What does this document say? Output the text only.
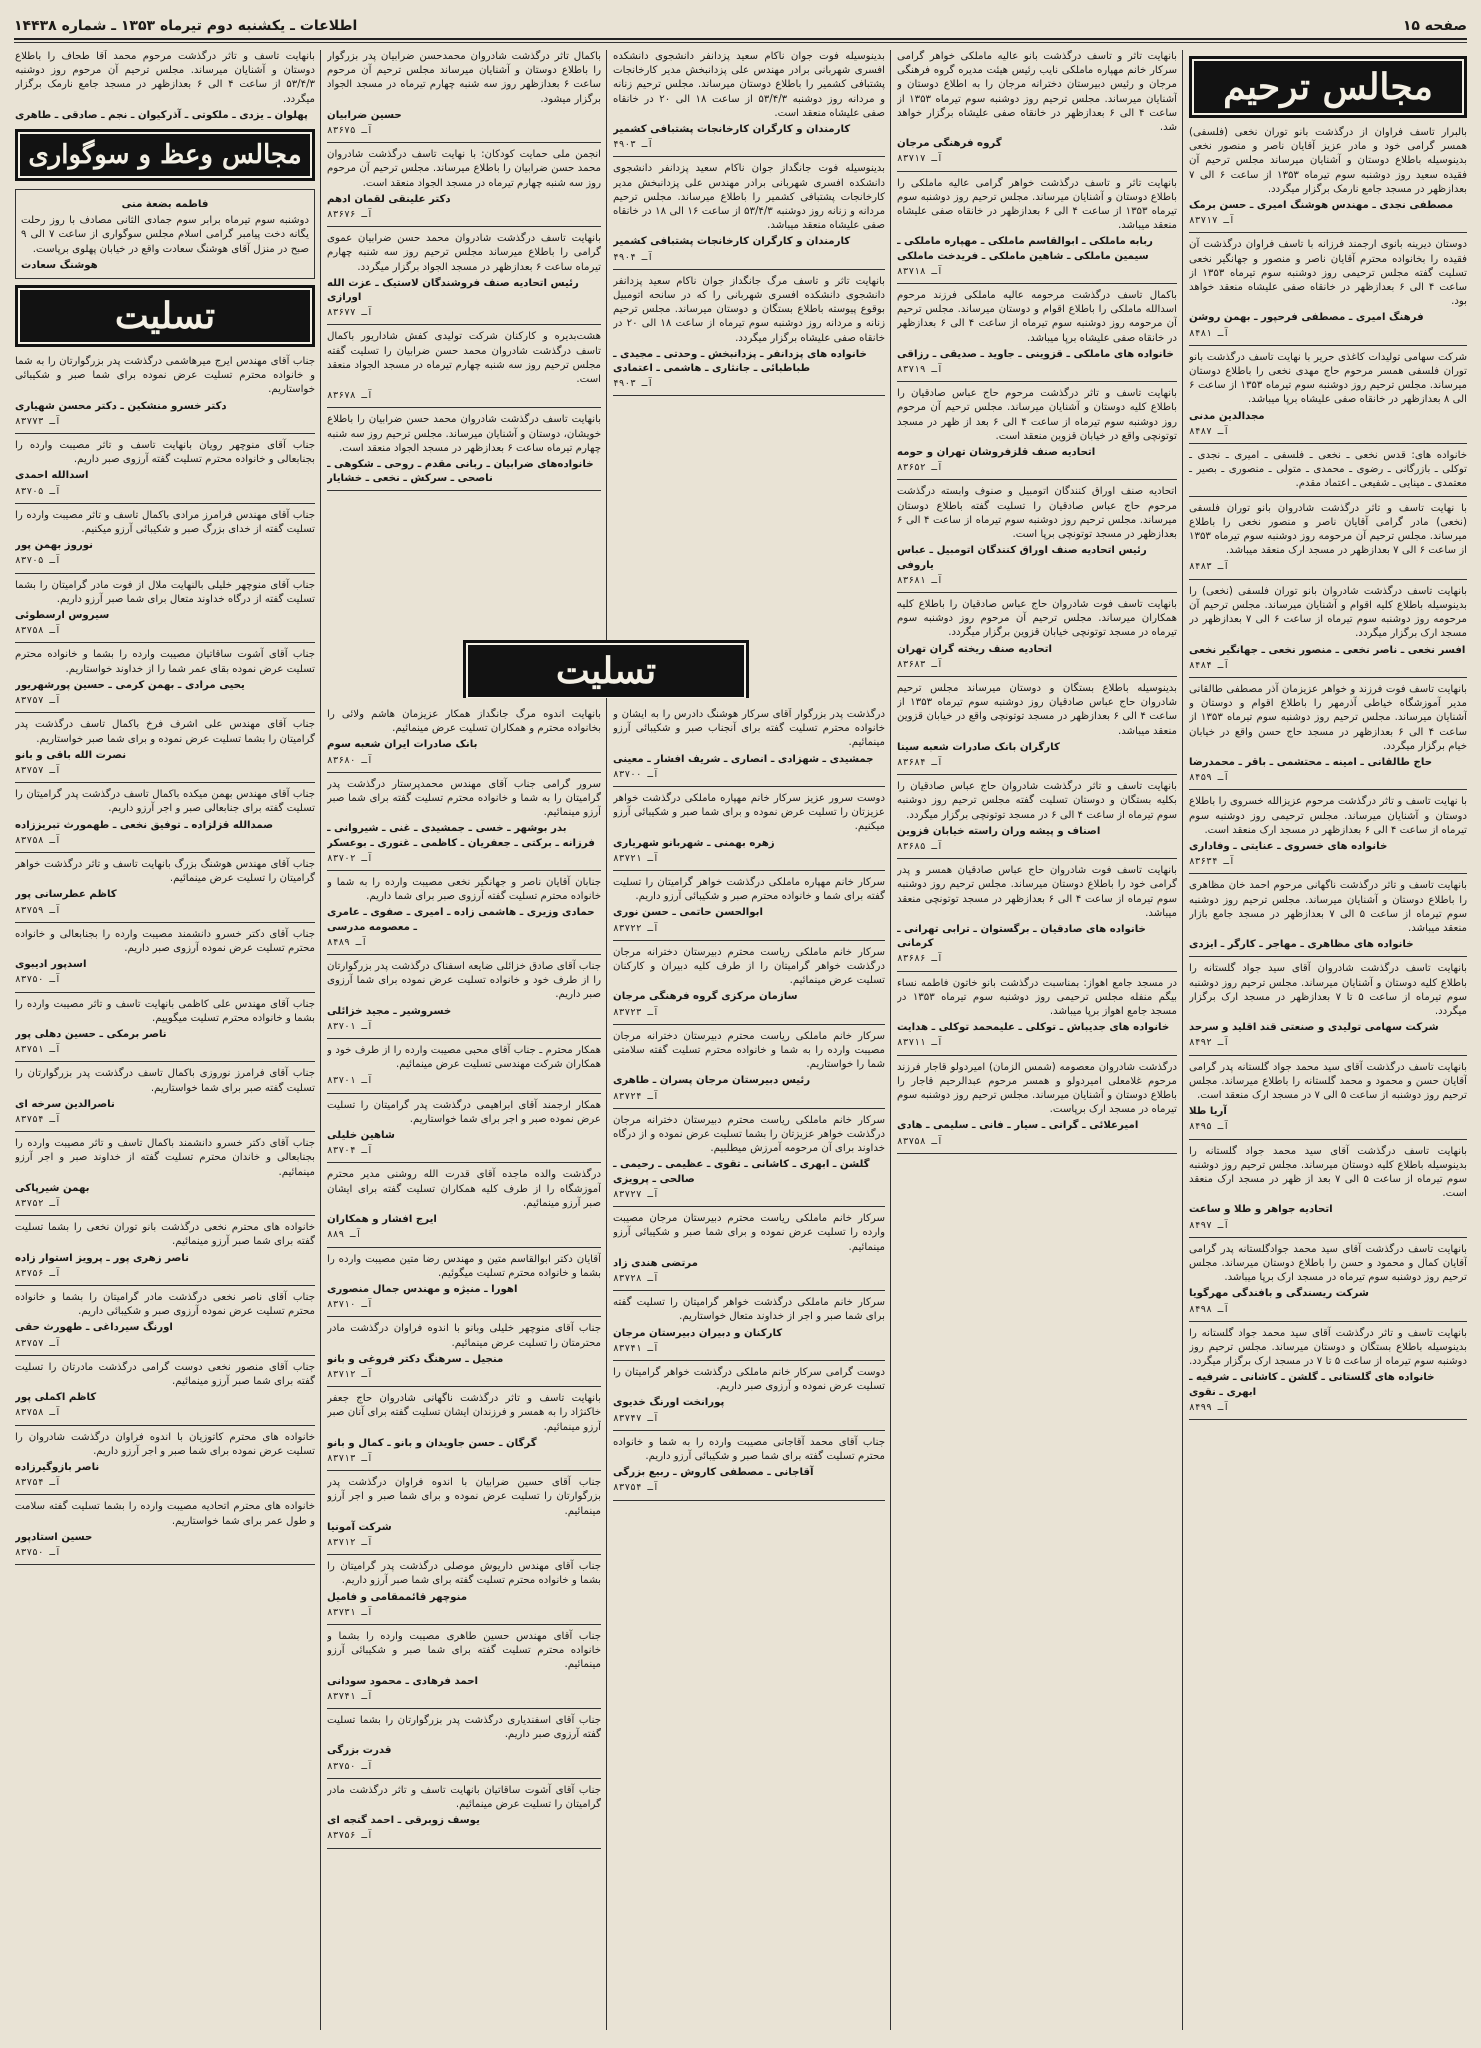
صفحه ۱۵
اطلاعات ـ یکشنبه دوم تیرماه ۱۳۵۳ ـ شماره ۱۴۴۳۸
مجالس ترحیم

بالبرار تاسف فراوان از درگذشت بانو توران نخعی (فلسفی) همسر گرامی خود و مادر عزیز آقایان ناصر و منصور نخعی بدینوسیله باطلاع دوستان و آشنایان میرساند مجلس ترحیم آن فقیده سعید روز دوشنبه سوم تیرماه ۱۳۵۳ از ساعت ۶ الی ۷ بعدازظهر در مسجد جامع نارمک برگزار میگردد.

مصطفی نجدی ـ مهندس هوشنگ امیری ـ حسن برمک

آـ ۸۳۷۱۷

دوستان دیرینه بانوی ارجمند فرزانه با تاسف فراوان درگذشت آن فقیده را بخانواده محترم آقایان ناصر و منصور و جهانگیر نخعی تسلیت گفته مجلس ترحیمی روز دوشنبه سوم تیرماه ۱۳۵۳ از ساعت ۴ الی ۶ بعدازظهر در خانقاه صفی علیشاه منعقد خواهد بود.

فرهنگ امیری ـ مصطفی فرحپور ـ بهمن روشن

آـ ۸۴۸۱

شرکت سهامی تولیدات کاغذی حریر با نهایت تاسف درگذشت بانو توران فلسفی همسر مرحوم حاج مهدی نخعی را باطلاع دوستان میرساند. مجلس ترحیم روز دوشنبه سوم تیرماه ۱۳۵۳ از ساعت ۶ الی ۸ بعدازظهر در خانقاه صفی علیشاه برپا میباشد.

مجدالدین مدنی

آـ ۸۴۸۷

خانواده های: قدس نخعی ـ نخعی ـ فلسفی ـ امیری ـ نجدی ـ توکلی ـ بازرگانی ـ رضوی ـ محمدی ـ متولی ـ منصوری ـ بصیر ـ معتمدی ـ مینایی ـ شفیعی ـ اعتماد مقدم.

با نهایت تاسف و تاثر درگذشت شادروان بانو توران فلسفی (نخعی) مادر گرامی آقایان ناصر و منصور نخعی را باطلاع میرساند. مجلس ترحیم آن مرحومه روز دوشنبه سوم تیرماه ۱۳۵۳ از ساعت ۶ الی ۷ بعدازظهر در مسجد ارک منعقد میباشد.

آـ ۸۴۸۳

بانهایت تاسف درگذشت شادروان بانو توران فلسفی (نخعی) را بدینوسیله باطلاع کلیه اقوام و آشنایان میرساند. مجلس ترحیم آن مرحومه روز دوشنبه سوم تیرماه از ساعت ۶ الی ۷ بعدازظهر در مسجد ارک برگزار میگردد.

افسر نخعی ـ ناصر نخعی ـ منصور نخعی ـ جهانگیر نخعی

آـ ۸۴۸۴

بانهایت تاسف فوت فرزند و خواهر عزیزمان آذر مصطفی طالقانی مدیر آموزشگاه خیاطی آذرمهر را باطلاع اقوام و دوستان و آشنایان میرساند. مجلس ترحیم روز دوشنبه سوم تیرماه ۱۳۵۳ از ساعت ۴ الی ۶ بعدازظهر در مسجد حاج حسن واقع در خیابان خیام برگزار میگردد.

حاج طالقانی ـ امینه ـ محتشمی ـ باقر ـ محمدرضا

آـ ۸۴۵۹

با نهایت تاسف و تاثر درگذشت مرحوم عزیزالله خسروی را باطلاع دوستان و آشنایان میرساند. مجلس ترحیمی روز دوشنبه سوم تیرماه از ساعت ۴ الی ۶ بعدازظهر در مسجد ارک منعقد است.

خانواده های خسروی ـ عنایتی ـ وفاداری

آـ ۸۳۶۳۴

بانهایت تاسف و تاثر درگذشت ناگهانی مرحوم احمد خان مظاهری را باطلاع دوستان و آشنایان میرساند. مجلس ترحیم روز دوشنبه سوم تیرماه از ساعت ۵ الی ۷ بعدازظهر در مسجد جامع بازار منعقد میباشد.

خانواده های مظاهری ـ مهاجر ـ کارگر ـ ایزدی

بانهایت تاسف درگذشت شادروان آقای سید جواد گلستانه را باطلاع کلیه دوستان و آشنایان میرساند. مجلس ترحیم روز دوشنبه سوم تیرماه از ساعت ۵ تا ۷ بعدازظهر در مسجد ارک برگزار میگردد.

شرکت سهامی تولیدی و صنعتی قند اقلید و سرحد

آـ ۸۴۹۲

بانهایت تاسف درگذشت آقای سید محمد جواد گلستانه پدر گرامی آقایان حسن و محمود و محمد گلستانه را باطلاع میرساند. مجلس ترحیم روز دوشنبه از ساعت ۵ الی ۷ در مسجد ارک منعقد است.

آریا طلا

آـ ۸۴۹۵

بانهایت تاسف درگذشت آقای سید محمد جواد گلستانه را بدینوسیله باطلاع کلیه دوستان میرساند. مجلس ترحیم روز دوشنبه سوم تیرماه از ساعت ۵ الی ۷ بعد از ظهر در مسجد ارک منعقد است.

اتحادیه جواهر و طلا و ساعت

آـ ۸۴۹۷

بانهایت تاسف درگذشت آقای سید محمد جوادگلستانه پدر گرامی آقایان کمال و محمود و حسن را باطلاع دوستان میرساند. مجلس ترحیم روز دوشنبه سوم تیرماه در مسجد ارک برپا میباشد.

شرکت ریسندگی و بافندگی مهرگویا

آـ ۸۴۹۸

بانهایت تاسف و تاثر درگذشت آقای سید محمد جواد گلستانه را بدینوسیله باطلاع بستگان و دوستان میرساند. مجلس ترحیم روز دوشنبه سوم تیرماه از ساعت ۵ تا ۷ در مسجد ارک برگزار میگردد.

خانواده های گلستانی ـ گلشن ـ کاشانی ـ شرفیه ـ ابهری ـ نقوی

آـ ۸۴۹۹

بانهایت تاثر و تاسف درگذشت بانو عالیه ماملکی خواهر گرامی سرکار خانم مهپاره ماملکی نایب رئیس هیئت مدیره گروه فرهنگی مرجان و رئیس دبیرستان دخترانه مرجان را به اطلاع دوستان و آشنایان میرساند. مجلس ترحیم روز دوشنبه سوم تیرماه ۱۳۵۳ از ساعت ۴ الی ۶ بعدازظهر در خانقاه صفی علیشاه برگزار خواهد شد.

گروه فرهنگی مرجان

آـ ۸۳۷۱۷

بانهایت تاثر و تاسف درگذشت خواهر گرامی عالیه ماملکی را باطلاع دوستان و آشنایان میرساند. مجلس ترحیم روز دوشنبه سوم تیرماه ۱۳۵۳ از ساعت ۴ الی ۶ بعدازظهر در خانقاه صفی علیشاه منعقد میباشد.

ربابه ماملکی ـ ابوالقاسم ماملکی ـ مهپاره ماملکی ـ سیمین ماملکی ـ شاهین ماملکی ـ فریدخت ماملکی

آـ ۸۳۷۱۸

باکمال تاسف درگذشت مرحومه عالیه ماملکی فرزند مرحوم اسدالله ماملکی را باطلاع اقوام و دوستان میرساند. مجلس ترحیم آن مرحومه روز دوشنبه سوم تیرماه از ساعت ۴ الی ۶ بعدازظهر در خانقاه صفی علیشاه برپا میباشد.

خانواده های ماملکی ـ قزوینی ـ جاوید ـ صدیقی ـ رزاقی

آـ ۸۳۷۱۹

بانهایت تاسف و تاثر درگذشت مرحوم حاج عباس صادقیان را باطلاع کلیه دوستان و آشنایان میرساند. مجلس ترحیم آن مرحوم روز دوشنبه سوم تیرماه از ساعت ۴ الی ۶ بعد از ظهر در مسجد توتونچی واقع در خیابان قزوین منعقد است.

اتحادیه صنف قلزفروشان تهران و حومه

آـ ۸۳۶۵۲

اتحادیه صنف اوراق کنندگان اتومبیل و صنوف وابسته درگذشت مرحوم حاج عباس صادقیان را تسلیت گفته باطلاع دوستان میرساند. مجلس ترحیم روز دوشنبه سوم تیرماه از ساعت ۴ الی ۶ بعدازظهر در مسجد توتونچی برپا است.

رئیس اتحادیه صنف اوراق کنندگان اتومبیل ـ عباس یاروفی

آـ ۸۳۶۸۱

بانهایت تاسف فوت شادروان حاج عباس صادقیان را باطلاع کلیه همکاران میرساند. مجلس ترحیم آن مرحوم روز دوشنبه سوم تیرماه در مسجد توتونچی خیابان قزوین برگزار میگردد.

اتحادیه صنف ریخته گران تهران

آـ ۸۳۶۸۳

بدینوسیله باطلاع بستگان و دوستان میرساند مجلس ترحیم شادروان حاج عباس صادقیان روز دوشنبه سوم تیرماه ۱۳۵۳ از ساعت ۴ الی ۶ بعدازظهر در مسجد توتونچی واقع در خیابان قزوین منعقد میباشد.

کارگران بانک صادرات شعبه سینا

آـ ۸۳۶۸۴

بانهایت تاسف و تاثر درگذشت شادروان حاج عباس صادقیان را بکلیه بستگان و دوستان تسلیت گفته مجلس ترحیم روز دوشنبه سوم تیرماه از ساعت ۴ الی ۶ در مسجد توتونچی برگزار میگردد.

اصناف و پیشه وران راسته خیابان قزوین

آـ ۸۳۶۸۵

بانهایت تاسف فوت شادروان حاج عباس صادقیان همسر و پدر گرامی خود را باطلاع دوستان میرساند. مجلس ترحیم روز دوشنبه سوم تیرماه از ساعت ۴ الی ۶ بعدازظهر در مسجد توتونچی منعقد میباشد.

خانواده های صادقیان ـ برگستوان ـ ترابی تهرانی ـ کرمانی

آـ ۸۳۶۸۶

در مسجد جامع اهواز: بمناسبت درگذشت بانو خاتون فاطمه نساء بیگم منفله مجلس ترحیمی روز دوشنبه سوم تیرماه ۱۳۵۳ در مسجد جامع اهواز برپا میباشد.

خانواده های جدیباش ـ توکلی ـ علیمحمد توکلی ـ هدایت

آـ ۸۳۷۱۱

درگذشت شادروان معصومه (شمس الزمان) امیردولو قاجار فرزند مرحوم غلامعلی امیردولو و همسر مرحوم عبدالرحیم قاجار را باطلاع دوستان و آشنایان میرساند. مجلس ترحیم روز دوشنبه سوم تیرماه در مسجد ارک برپاست.

امیرعلائی ـ گرانی ـ سیار ـ فانی ـ سلیمی ـ هادی

آـ ۸۳۷۵۸

بدینوسیله فوت جوان ناکام سعید پزدانفر دانشجوی دانشکده افسری شهربانی برادر مهندس علی پزدانبخش مدیر کارخانجات پشتبافی کشمیر را باطلاع دوستان میرساند. مجلس ترحیم زنانه و مردانه روز دوشنبه ۵۳/۴/۳ از ساعت ۱۸ الی ۲۰ در خانقاه صفی علیشاه منعقد است.

کارمندان و کارگران کارخانجات پشتبافی کشمیر

آـ ۴۹۰۳

بدینوسیله فوت جانگداز جوان ناکام سعید پزدانفر دانشجوی دانشکده افسری شهربانی برادر مهندس علی پزدانبخش مدیر کارخانجات پشتبافی کشمیر را باطلاع میرساند. مجلس ترحیم مردانه و زنانه روز دوشنبه ۵۳/۴/۳ از ساعت ۱۶ الی ۱۸ در خانقاه صفی علیشاه منعقد میباشد.

کارمندان و کارگران کارخانجات پشتبافی کشمیر

آـ ۴۹۰۴

بانهایت تاثر و تاسف مرگ جانگداز جوان ناکام سعید پزدانفر دانشجوی دانشکده افسری شهربانی را که در سانحه اتومبیل بوقوع پیوسته باطلاع بستگان و دوستان میرساند. مجلس ترحیم زنانه و مردانه روز دوشنبه سوم تیرماه از ساعت ۱۸ الی ۲۰ در خانقاه صفی علیشاه برگزار میگردد.

خانواده های پزدانفر ـ پزدانبخش ـ وحدتی ـ مجیدی ـ طباطبائی ـ جانثاری ـ هاشمی ـ اعتمادی

آـ ۴۹۰۳

باکمال تاثر درگذشت شادروان محمدحسن ضرابیان پدر بزرگوار را باطلاع دوستان و آشنایان میرساند مجلس ترحیم آن مرحوم ساعت ۶ بعدازظهر روز سه شنبه چهارم تیرماه در مسجد الجواد برگزار میشود.

حسین ضرابیان

آـ ۸۳۶۷۵

انجمن ملی حمایت کودکان: با نهایت تاسف درگذشت شادروان محمد حسن ضرابیان را باطلاع میرساند. مجلس ترحیم آن مرحوم روز سه شنبه چهارم تیرماه در مسجد الجواد منعقد است.

دکتر علینقی لقمان ادهم

آـ ۸۳۶۷۶

بانهایت تاسف درگذشت شادروان محمد حسن ضرابیان عموی گرامی را باطلاع میرساند مجلس ترحیم روز سه شنبه چهارم تیرماه ساعت ۶ بعدازظهر در مسجد الجواد برگزار میگردد.

رئیس اتحادیه صنف فروشندگان لاستیک ـ عزت الله اورازی

آـ ۸۳۶۷۷

هشت‌بدیره و کارکنان شرکت تولیدی کفش شاداریور باکمال تاسف درگذشت شادروان محمد حسن ضرابیان را تسلیت گفته مجلس ترحیم روز سه شنبه چهارم تیرماه در مسجد الجواد منعقد است.

آـ ۸۳۶۷۸

بانهایت تاسف درگذشت شادروان محمد حسن ضرابیان را باطلاع خویشان، دوستان و آشنایان میرساند. مجلس ترحیم روز سه شنبه چهارم تیرماه ساعت ۶ بعدازظهر در مسجد الجواد منعقد است.

خانواده‌های ضرابیان ـ ربانی مقدم ـ روحی ـ شکوهی ـ ناصحی ـ سرکش ـ نخعی ـ خشایار

تسلیت

درگذشت پدر بزرگوار آقای سرکار هوشنگ دادرس را به ایشان و خانواده محترم تسلیت گفته برای آنجناب صبر و شکیبائی آرزو مینمائیم.

جمشیدی ـ شهزادی ـ انصاری ـ شریف افشار ـ معینی

آـ ۸۳۷۰۰

دوست سرور عزیز سرکار خانم مهپاره ماملکی درگذشت خواهر عزیزتان را تسلیت عرض نموده و برای شما صبر و شکیبائی آرزو میکنیم.

زهره بهمنی ـ شهربانو شهریاری

آـ ۸۳۷۲۱

سرکار خانم مهپاره ماملکی درگذشت خواهر گرامیتان را تسلیت گفته برای شما و خانواده محترم صبر و شکیبائی آرزو داریم.

ابوالحسن حاتمی ـ حسن نوری

آـ ۸۳۷۲۲

سرکار خانم ماملکی ریاست محترم دبیرستان دخترانه مرجان درگذشت خواهر گرامیتان را از طرف کلیه دبیران و کارکنان تسلیت عرض مینمائیم.

سازمان مرکزی گروه فرهنگی مرجان

آـ ۸۳۷۲۳

سرکار خانم ماملکی ریاست محترم دبیرستان دخترانه مرجان مصیبت وارده را به شما و خانواده محترم تسلیت گفته سلامتی شما را خواستاریم.

رئیس دبیرستان مرجان پسران ـ طاهری

آـ ۸۳۷۲۴

سرکار خانم ماملکی ریاست محترم دبیرستان دخترانه مرجان درگذشت خواهر عزیزتان را بشما تسلیت عرض نموده و از درگاه خداوند برای آن مرحومه آمرزش میطلبیم.

گلشن ـ ابهری ـ کاشانی ـ تقوی ـ عظیمی ـ رحیمی ـ صالحی ـ پرویزی

آـ ۸۳۷۲۷

سرکار خانم ماملکی ریاست محترم دبیرستان مرجان مصیبت وارده را تسلیت عرض نموده و برای شما صبر و شکیبائی آرزو مینمائیم.

مرتضی هندی زاد

آـ ۸۳۷۲۸

سرکار خانم ماملکی درگذشت خواهر گرامیتان را تسلیت گفته برای شما صبر و اجر از خداوند متعال خواستاریم.

کارکنان و دبیران دبیرستان مرجان

آـ ۸۳۷۴۱

دوست گرامی سرکار خانم ماملکی درگذشت خواهر گرامیتان را تسلیت عرض نموده و آرزوی صبر داریم.

پورانخت اورنگ خدیوی

آـ ۸۳۷۴۷

جناب آقای محمد آقاجانی مصیبت وارده را به شما و خانواده محترم تسلیت گفته برای شما صبر و شکیبائی آرزو داریم.

آقاجانی ـ مصطفی کاروش ـ ربیع بزرگی

آـ ۸۳۷۵۴

بانهایت اندوه مرگ جانگداز همکار عزیزمان هاشم ولائی را بخانواده محترم و همکاران تسلیت عرض مینمائیم.

بانک صادرات ایران شعبه سوم

آـ ۸۳۶۸۰

سرور گرامی جناب آقای مهندس محمدپرستار درگذشت پدر گرامیتان را به شما و خانواده محترم تسلیت گفته برای شما صبر آرزو مینمائیم.

بدر بوشهر ـ خسی ـ جمشیدی ـ غنی ـ شیروانی ـ فرزانه ـ برکتی ـ جعفریان ـ کاظمی ـ غنوری ـ بوعسکر

آـ ۸۳۷۰۲

جنابان آقایان ناصر و جهانگیر نخعی مصیبت وارده را به شما و خانواده محترم تسلیت گفته آرزوی صبر برای شما داریم.

حمادی وزیری ـ هاشمی زاده ـ امیری ـ صفوی ـ عامری ـ معصومه مدرسی

آـ ۸۴۸۹

جناب آقای صادق خزائلی ضایعه اسفناک درگذشت پدر بزرگوارتان را از طرف خود و خانواده تسلیت عرض نموده برای شما آرزوی صبر داریم.

خسروشیر ـ مجید خزائلی

آـ ۸۳۷۰۱

همکار محترم ـ جناب آقای محبی مصیبت وارده را از طرف خود و همکاران شرکت مهندسی تسلیت عرض مینمائیم.

آـ ۸۳۷۰۱

همکار ارجمند آقای ابراهیمی درگذشت پدر گرامیتان را تسلیت عرض نموده صبر و اجر برای شما خواستاریم.

شاهین خلیلی

آـ ۸۳۷۰۴

درگذشت والده ماجده آقای قدرت الله روشنی مدیر محترم آموزشگاه را از طرف کلیه همکاران تسلیت گفته برای ایشان صبر آرزو مینمائیم.

ایرج افشار و همکاران

آـ ۸۸۹

آقایان دکتر ابوالقاسم متین و مهندس رضا متین مصیبت وارده را بشما و خانواده محترم تسلیت میگوئیم.

اهورا ـ منیژه و مهندس جمال منصوری

آـ ۸۳۷۱۰

جناب آقای منوچهر خلیلی وبانو با اندوه فراوان درگذشت مادر محترمتان را تسلیت عرض مینمائیم.

منجیل ـ سرهنگ دکتر فروغی و بانو

آـ ۸۳۷۱۲

بانهایت تاسف و تاثر درگذشت ناگهانی شادروان حاج جعفر خاکنژاد را به همسر و فرزندان ایشان تسلیت گفته برای آنان صبر آرزو مینمائیم.

گرگان ـ حسن جاویدان و بانو ـ کمال و بانو

آـ ۸۳۷۱۳

جناب آقای حسین ضرابیان با اندوه فراوان درگذشت پدر بزرگوارتان را تسلیت عرض نموده و برای شما صبر و اجر آرزو مینمائیم.

شرکت آمونیا

آـ ۸۳۷۱۲

جناب آقای مهندس داریوش موصلی درگذشت پدر گرامیتان را بشما و خانواده محترم تسلیت گفته برای شما صبر آرزو داریم.

منوچهر قائممقامی و فامیل

آـ ۸۳۷۳۱

جناب آقای مهندس حسین طاهری مصیبت وارده را بشما و خانواده محترم تسلیت گفته برای شما صبر و شکیبائی آرزو مینمائیم.

احمد فرهادی ـ محمود سودانی

آـ ۸۳۷۴۱

جناب آقای اسفندیاری درگذشت پدر بزرگوارتان را بشما تسلیت گفته آرزوی صبر داریم.

قدرت بزرگی

آـ ۸۳۷۵۰

جناب آقای آشوت ساقاتیان بانهایت تاسف و تاثر درگذشت مادر گرامیتان را تسلیت عرض مینمائیم.

یوسف زوبرقی ـ احمد گنجه ای

آـ ۸۳۷۵۶

بانهایت تاسف و تاثر درگذشت مرحوم محمد آقا طحاف را باطلاع دوستان و آشنایان میرساند. مجلس ترحیم آن مرحوم روز دوشنبه ۵۳/۴/۳ از ساعت ۴ الی ۶ بعدازظهر در مسجد جامع نارمک برگزار میگردد.

پهلوان ـ یزدی ـ ملکوتی ـ آذرکیوان ـ نجم ـ صادقی ـ طاهری

مجالس وعظ و سوگواری

فاطمه بضعة منی

دوشنبه سوم تیرماه برابر سوم جمادی الثانی مصادف با روز رحلت یگانه دخت پیامبر گرامی اسلام مجلس سوگواری از ساعت ۷ الی ۹ صبح در منزل آقای هوشنگ سعادت واقع در خیابان پهلوی برپاست.

هوشنگ سعادت

تسلیت

جناب آقای مهندس ایرج میرهاشمی درگذشت پدر بزرگوارتان را به شما و خانواده محترم تسلیت عرض نموده برای شما صبر و شکیبائی خواستاریم.

دکتر خسرو منشکین ـ دکتر محسن شهیاری

آـ ۸۳۷۷۳

جناب آقای منوچهر رویان بانهایت تاسف و تاثر مصیبت وارده را بجنابعالی و خانواده محترم تسلیت گفته آرزوی صبر داریم.

اسدالله احمدی

آـ ۸۳۷۰۵

جناب آقای مهندس فرامرز مرادی باکمال تاسف و تاثر مصیبت وارده را تسلیت گفته از خدای بزرگ صبر و شکیبائی آرزو میکنیم.

نوروز بهمن پور

آـ ۸۳۷۰۵

جناب آقای منوچهر خلیلی بالنهایت ملال از فوت مادر گرامیتان را بشما تسلیت گفته از درگاه خداوند متعال برای شما صبر آرزو داریم.

سیروس ارسطوئی

آـ ۸۳۷۵۸

جناب آقای آشوت ساقاتیان مصیبت وارده را بشما و خانواده محترم تسلیت عرض نموده بقای عمر شما را از خداوند خواستاریم.

یحیی مرادی ـ بهمن کرمی ـ حسین پورشهریور

آـ ۸۳۷۵۷

جناب آقای مهندس علی اشرف فرخ باکمال تاسف درگذشت پدر گرامیتان را بشما تسلیت عرض نموده و برای شما صبر خواستاریم.

نصرت الله باقی و بانو

آـ ۸۳۷۵۷

جناب آقای مهندس بهمن میکده باکمال تاسف درگذشت پدر گرامیتان را تسلیت گفته برای جنابعالی صبر و اجر آرزو داریم.

صمدالله قزلزاده ـ توفیق نخعی ـ طهمورث تبریززاده

آـ ۸۳۷۵۸

جناب آقای مهندس هوشنگ بزرگ بانهایت تاسف و تاثر درگذشت خواهر گرامیتان را تسلیت عرض مینمائیم.

کاظم عطرسانی پور

آـ ۸۳۷۵۹

جناب آقای دکتر خسرو دانشمند مصیبت وارده را بجنابعالی و خانواده محترم تسلیت عرض نموده آرزوی صبر داریم.

اسدپور ادیبوی

آـ ۸۳۷۵۰

جناب آقای مهندس علی کاظمی بانهایت تاسف و تاثر مصیبت وارده را بشما و خانواده محترم تسلیت میگوییم.

ناصر برمکی ـ حسین دهلی پور

آـ ۸۳۷۵۱

جناب آقای فرامرز نوروزی باکمال تاسف درگذشت پدر بزرگوارتان را تسلیت گفته صبر برای شما خواستاریم.

ناصرالدین سرخه ای

آـ ۸۳۷۵۴

جناب آقای دکتر خسرو دانشمند باکمال تاسف و تاثر مصیبت وارده را بجنابعالی و خاندان محترم تسلیت گفته از خداوند صبر و اجر آرزو مینمائیم.

بهمن شیرپاکی

آـ ۸۳۷۵۲

خانواده های محترم نخعی درگذشت بانو توران نخعی را بشما تسلیت گفته برای شما صبر آرزو مینمائیم.

ناصر زهری پور ـ پرویز استوار زاده

آـ ۸۳۷۵۶

جناب آقای ناصر نخعی درگذشت مادر گرامیتان را بشما و خانواده محترم تسلیت عرض نموده آرزوی صبر و شکیبائی داریم.

اورنگ سیرداغی ـ طهورث حقی

آـ ۸۳۷۵۷

جناب آقای منصور نخعی دوست گرامی درگذشت مادرتان را تسلیت گفته برای شما صبر آرزو مینمائیم.

کاظم اکملی پور

آـ ۸۳۷۵۸

خانواده های محترم کاتوزیان با اندوه فراوان درگذشت شادروان را تسلیت عرض نموده برای شما صبر و اجر آرزو داریم.

ناصر بازوگیرزاده

آـ ۸۳۷۵۴

خانواده های محترم اتحادیه مصیبت وارده را بشما تسلیت گفته سلامت و طول عمر برای شما خواستاریم.

حسین استادپور

آـ ۸۳۷۵۰
